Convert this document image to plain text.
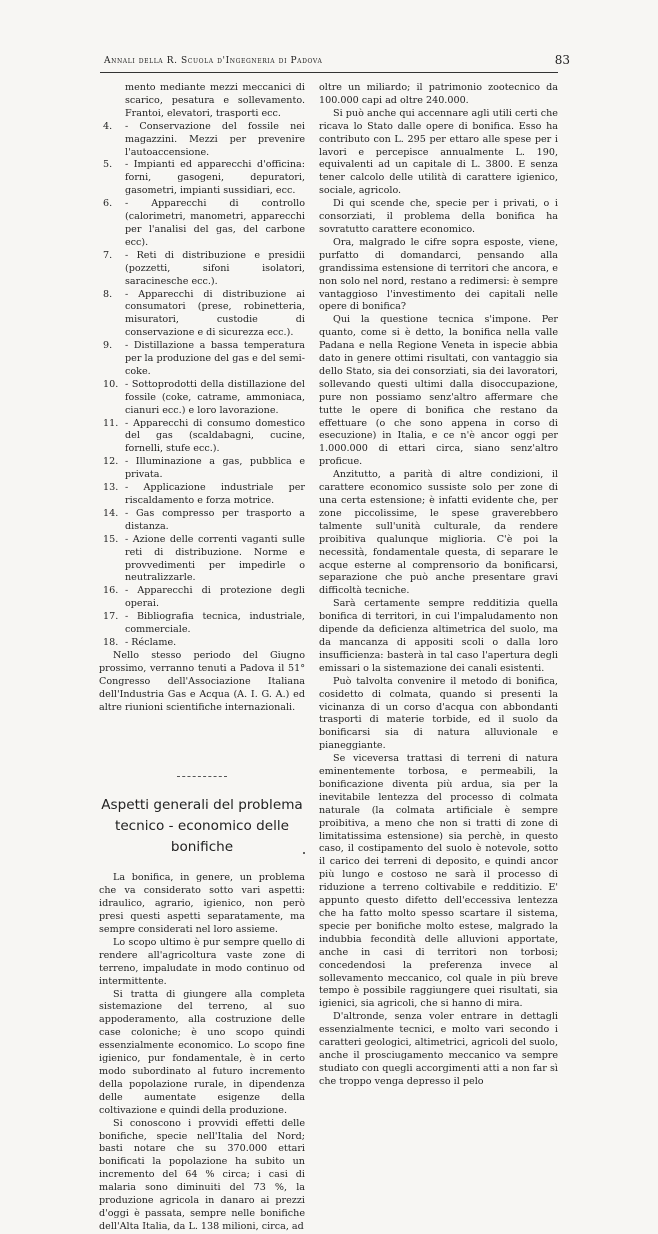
Annali della R. Scuola d'Ingegneria di Padova	83
mento mediante mezzi meccanici di scarico, pesatura e sollevamento. Frantoi, elevatori, trasporti ecc.
4. - Conservazione del fossile nei magazzini. Mezzi per prevenire l'autoaccensione.
5. - Impianti ed apparecchi d'officina: forni, gasogeni, depuratori, gasometri, impianti sussidiari, ecc.
6. - Apparecchi di controllo (calorimetri, manometri, apparecchi per l'analisi del gas, del carbone ecc).
7. - Reti di distribuzione e presidii (pozzetti, sifoni isolatori, saracinesche ecc.).
8. - Apparecchi di distribuzione ai consumatori (prese, robinetteria, misuratori, custodie di conservazione e di sicurezza ecc.).
9. - Distillazione a bassa temperatura per la produzione del gas e del semi-coke.
10. - Sottoprodotti della distillazione del fossile (coke, catrame, ammoniaca, cianuri ecc.) e loro lavorazione.
11. - Apparecchi di consumo domestico del gas (scaldabagni, cucine, fornelli, stufe ecc.).
12. - Illuminazione a gas, pubblica e privata.
13. - Applicazione industriale per riscaldamento e forza motrice.
14. - Gas compresso per trasporto a distanza.
15. - Azione delle correnti vaganti sulle reti di distribuzione. Norme e provvedimenti per impedirle o neutralizzarle.
16. - Apparecchi di protezione degli operai.
17. - Bibliografia tecnica, industriale, commerciale.
18. - Réclame.

Nello stesso periodo del Giugno prossimo, verranno tenuti a Padova il 51° Congresso dell'Associazione Italiana dell'Industria Gas e Acqua (A. I. G. A.) ed altre riunioni scientifiche internazionali.

Aspetti generali del problema
tecnico - economico delle bonifiche

La bonifica, in genere, un problema che va considerato sotto vari aspetti: idraulico, agrario, igienico, non però presi questi aspetti separatamente, ma sempre considerati nel loro assieme.

Lo scopo ultimo è pur sempre quello di rendere all'agricoltura vaste zone di terreno, impaludate in modo continuo od intermittente.

Si tratta di giungere alla completa sistemazione del terreno, al suo appoderamento, alla costruzione delle case coloniche; è uno scopo quindi essenzialmente economico. Lo scopo fine igienico, pur fondamentale, è in certo modo subordinato al futuro incremento della popolazione rurale, in dipendenza delle aumentate esigenze della coltivazione e quindi della produzione.

Si conoscono i provvidi effetti delle bonifiche, specie nell'Italia del Nord; basti notare che su 370.000 ettari bonificati la popolazione ha subito un incremento del 64 % circa; i casi di malaria sono diminuiti del 73 %, la produzione agricola in danaro ai prezzi d'oggi è passata, sempre nelle bonifiche dell'Alta Italia, da L. 138 milioni, circa, ad

oltre un miliardo; il patrimonio zootecnico da 100.000 capi ad oltre 240.000.

Si può anche qui accennare agli utili certi che ricava lo Stato dalle opere di bonifica. Esso ha contributo con L. 295 per ettaro alle spese per i lavori e percepisce annualmente L. 190, equivalenti ad un capitale di L. 3800. E senza tener calcolo delle utilità di carattere igienico, sociale, agricolo.

Di qui scende che, specie per i privati, o i consorziati, il problema della bonifica ha sovratutto carattere economico.

Ora, malgrado le cifre sopra esposte, viene, purfatto di domandarci, pensando alla grandissima estensione di territori che ancora, e non solo nel nord, restano a redimersi: è sempre vantaggioso l'investimento dei capitali nelle opere di bonifica?

Qui la questione tecnica s'impone. Per quanto, come si è detto, la bonifica nella valle Padana e nella Regione Veneta in ispecie abbia dato in genere ottimi risultati, con vantaggio sia dello Stato, sia dei consorziati, sia dei lavoratori, sollevando questi ultimi dalla disoccupazione, pure non possiamo senz'altro affermare che tutte le opere di bonifica che restano da effettuare (o che sono appena in corso di esecuzione) in Italia, e ce n'è ancor oggi per 1.000.000 di ettari circa, siano senz'altro proficue.

Anzitutto, a parità di altre condizioni, il carattere economico sussiste solo per zone di una certa estensione; è infatti evidente che, per zone piccolissime, le spese graverebbero talmente sull'unità culturale, da rendere proibitiva qualunque miglioria. C'è poi la necessità, fondamentale questa, di separare le acque esterne al comprensorio da bonificarsi, separazione che può anche presentare gravi difficoltà tecniche.

Sarà certamente sempre redditizia quella bonifica di territori, in cui l'impaludamento non dipende da deficienza altimetrica del suolo, ma da mancanza di appositi scoli o dalla loro insufficienza: basterà in tal caso l'apertura degli emissari o la sistemazione dei canali esistenti.

Può talvolta convenire il metodo di bonifica, cosidetto di colmata, quando si presenti la vicinanza di un corso d'acqua con abbondanti trasporti di materie torbide, ed il suolo da bonificarsi sia di natura alluvionale e pianeggiante.

Se viceversa trattasi di terreni di natura eminentemente torbosa, e permeabili, la bonificazione diventa più ardua, sia per la inevitabile lentezza del processo di colmata naturale (la colmata artificiale è sempre proibitiva, a meno che non si tratti di zone di limitatissima estensione) sia perchè, in questo caso, il costipamento del suolo è notevole, sotto il carico dei terreni di deposito, e quindi ancor più lungo e costoso ne sarà il processo di riduzione a terreno coltivabile e redditizio. E' appunto questo difetto dell'eccessiva lentezza che ha fatto molto spesso scartare il sistema, specie per bonifiche molto estese, malgrado la indubbia fecondità delle alluvioni apportate, anche in casi di territori non torbosi; concedendosi la preferenza invece al sollevamento meccanico, col quale in più breve tempo è possibile raggiungere quei risultati, sia igienici, sia agricoli, che si hanno di mira.

D'altronde, senza voler entrare in dettagli essenzialmente tecnici, e molto vari secondo i caratteri geologici, altimetrici, agricoli del suolo, anche il prosciugamento meccanico va sempre studiato con quegli accorgimenti atti a non far sì che troppo venga depresso il pelo
